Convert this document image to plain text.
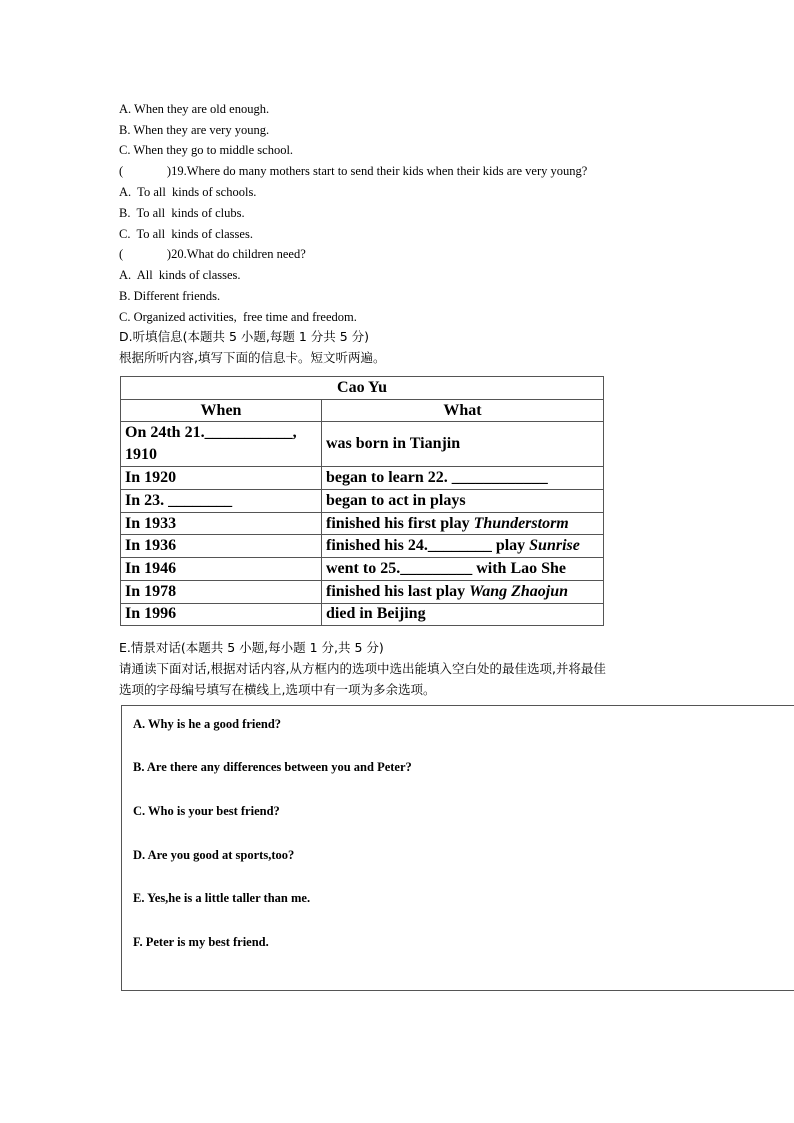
A. When they are old enough.
B. When they are very young.
C. When they go to middle school.
(              )19.Where do many mothers start to send their kids when their kids are very young?
A.  To all  kinds of schools.
B.  To all  kinds of clubs.
C.  To all  kinds of classes.
(              )20.What do children need?
A.  All  kinds of classes.
B. Different friends.
C. Organized activities,  free time and freedom.
D.听填信息(本题共 5 小题,每题 1 分共 5 分)
根据所听内容,填写下面的信息卡。短文听两遍。
Cao Yu	
When	What
On 24th 21.___________, 1910	was born in Tianjin
In 1920	began to learn 22. ____________
In 23. ________	began to act in plays
In 1933	finished his first play Thunderstorm
In 1936	finished his 24.________ play Sunrise
In 1946	went to 25._________ with Lao She
In 1978	finished his last play Wang Zhaojun
In 1996	died in Beijing
E.情景对话(本题共 5 小题,每小题 1 分,共 5 分)
请通读下面对话,根据对话内容,从方框内的选项中选出能填入空白处的最佳选项,并将最佳
选项的字母编号填写在横线上,选项中有一项为多余选项。
A. Why is he a good friend?
B. Are there any differences between you and Peter?
C. Who is your best friend?
D. Are you good at sports,too?
E. Yes,he is a little taller than me.
F. Peter is my best friend.
